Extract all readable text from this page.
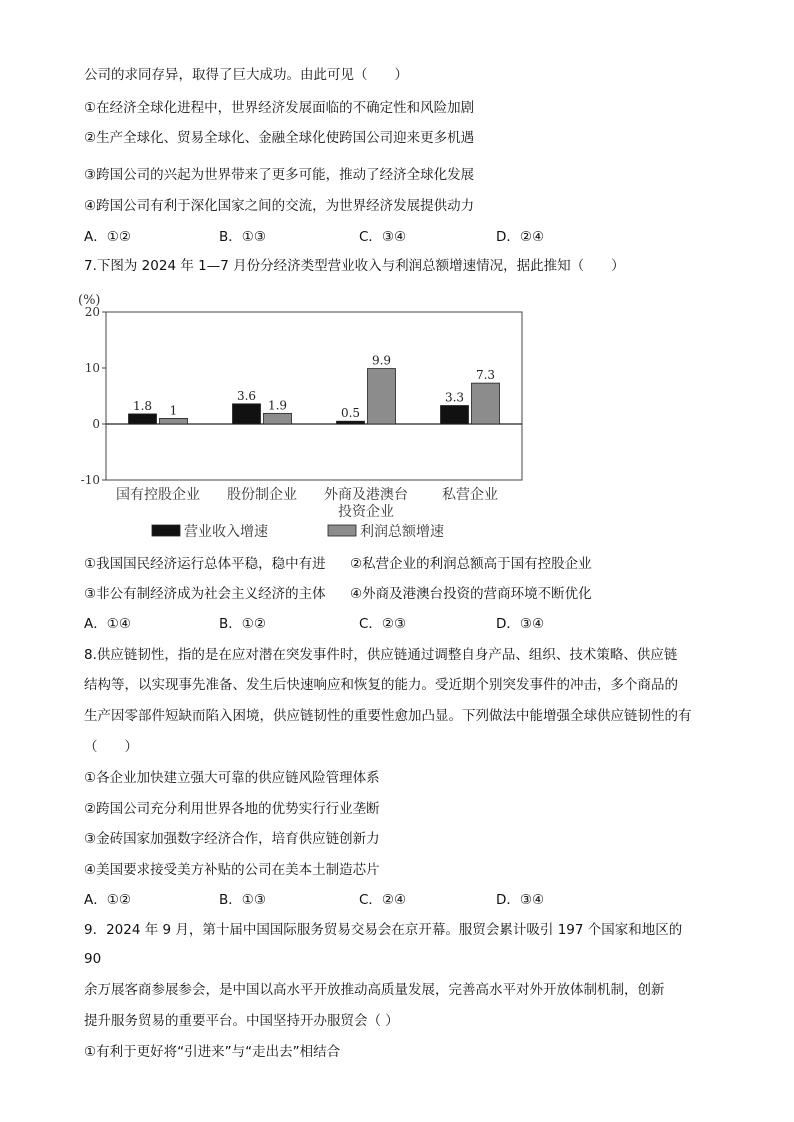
公司的求同存异，取得了巨大成功。由此可见（　　）
①在经济全球化进程中，世界经济发展面临的不确定性和风险加剧
②生产全球化、贸易全球化、金融全球化使跨国公司迎来更多机遇
③跨国公司的兴起为世界带来了更多可能，推动了经济全球化发展
④跨国公司有利于深化国家之间的交流，为世界经济发展提供动力
A．①②	B．①③	C．③④	D．②④
7.下图为 2024 年 1—7 月份分经济类型营业收入与利润总额增速情况，据此推知（　　）
(%)
20
10
0
-10
1.8 1
国有控股企业
3.6
1.9
股份制企业
0.5
9.9
外商及港澳台
投资企业
3.3
7.3
私营企业
营业收入增速	利润总额增速
①我国国民经济运行总体平稳，稳中有进 ②私营企业的利润总额高于国有控股企业
③非公有制经济成为社会主义经济的主体 ④外商及港澳台投资的营商环境不断优化
A．①④	B．①②	C．②③	D．③④
8.供应链韧性，指的是在应对潜在突发事件时，供应链通过调整自身产品、组织、技术策略、供应链
结构等，以实现事先准备、发生后快速响应和恢复的能力。受近期个别突发事件的冲击，多个商品的
生产因零部件短缺而陷入困境，供应链韧性的重要性愈加凸显。下列做法中能增强全球供应链韧性的有
（　　）
①各企业加快建立强大可靠的供应链风险管理体系
②跨国公司充分利用世界各地的优势实行行业垄断
③金砖国家加强数字经济合作，培育供应链创新力
④美国要求接受美方补贴的公司在美本土制造芯片
A．①②	B．①③	C．②④	D．③④
9．2024 年 9 月，第十届中国国际服务贸易交易会在京开幕。服贸会累计吸引 197 个国家和地区的
90
余万展客商参展参会，是中国以高水平开放推动高质量发展，完善高水平对外开放体制机制，创新
提升服务贸易的重要平台。中国坚持开办服贸会（ ）
①有利于更好将“引进来”与“走出去”相结合
